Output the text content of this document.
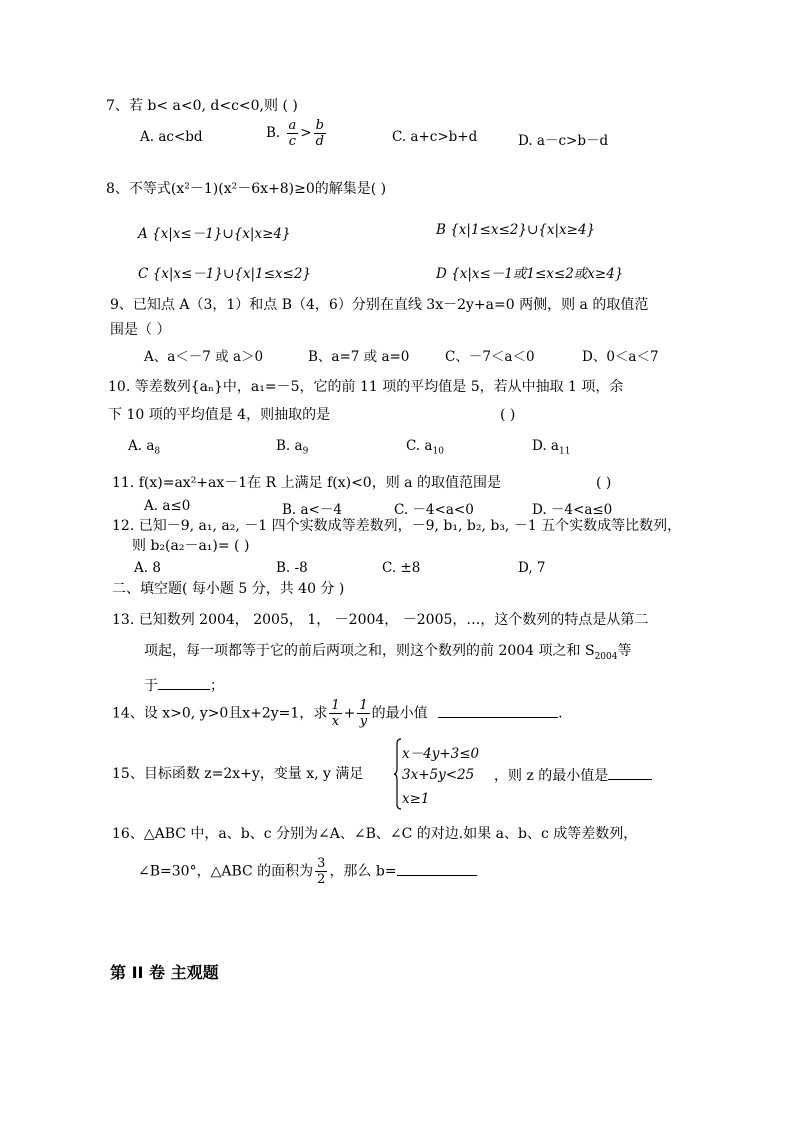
7、若 b< a<0, d<c<0,则 ( )
A. ac<bd	B. $\frac{a}{c} > \frac{b}{d}$	C. a+c>b+d	D. a－c>b－d
8、不等式(x²－1)(x²－6x+8)≥0的解集是( )
A {x|x≤－1}∪{x|x≥4}	B {x|1≤x≤2}∪{x|x≥4}
C {x|x≤－1}∪{x|1≤x≤2}	D {x|x≤－1或1≤x≤2或x≥4}
9、已知点 A（3，1）和点 B（4，6）分别在直线 3x－2y+a=0 两侧，则 a 的取值范
围是（ ）
A、a＜－7 或 a＞0	B、a=7 或 a=0	C、－7＜a＜0	D、0＜a＜7
10. 等差数列{aₙ}中，a₁=－5，它的前 11 项的平均值是 5，若从中抽取 1 项，余
下 10 项的平均值是 4，则抽取的是	( )
A. $a_8$	B. $a_9$	C. $a_{10}$	D. $a_{11}$
11. f(x)=ax²+ax－1在 R 上满足 f(x)<0，则 a 的取值范围是	( )
A. a≤0	B. a<－4	C. －4<a<0	D. －4<a≤0
12. 已知－9, a₁, a₂, －1 四个实数成等差数列，－9, b₁, b₂, b₃, －1 五个实数成等比数列，
则 b₂(a₂－a₁)= ( )
A. 8	B. -8	C. ±8	D, 7
二、填空题( 每小题 5 分，共 40 分 )
13. 已知数列 2004， 2005， 1， －2004， －2005，…，这个数列的特点是从第二
项起，每一项都等于它的前后两项之和，则这个数列的前 2004 项之和 $S_{2004}$等
于	；
14、设 x>0, y>0且x+2y=1，求 $\frac{1}{x} + \frac{1}{y}$ 的最小值	.
15、目标函数 z=2x+y，变量 x, y 满足
x－4y+3≤0
3x+5y<25
x≥1
，则 z 的最小值是
16、△ABC 中，a、b、c 分别为∠A、∠B、∠C 的对边.如果 a、b、c 成等差数列，
∠B=30°，△ABC 的面积为 $\frac{3}{2}$ ，那么 b=
第 II 卷 主观题
